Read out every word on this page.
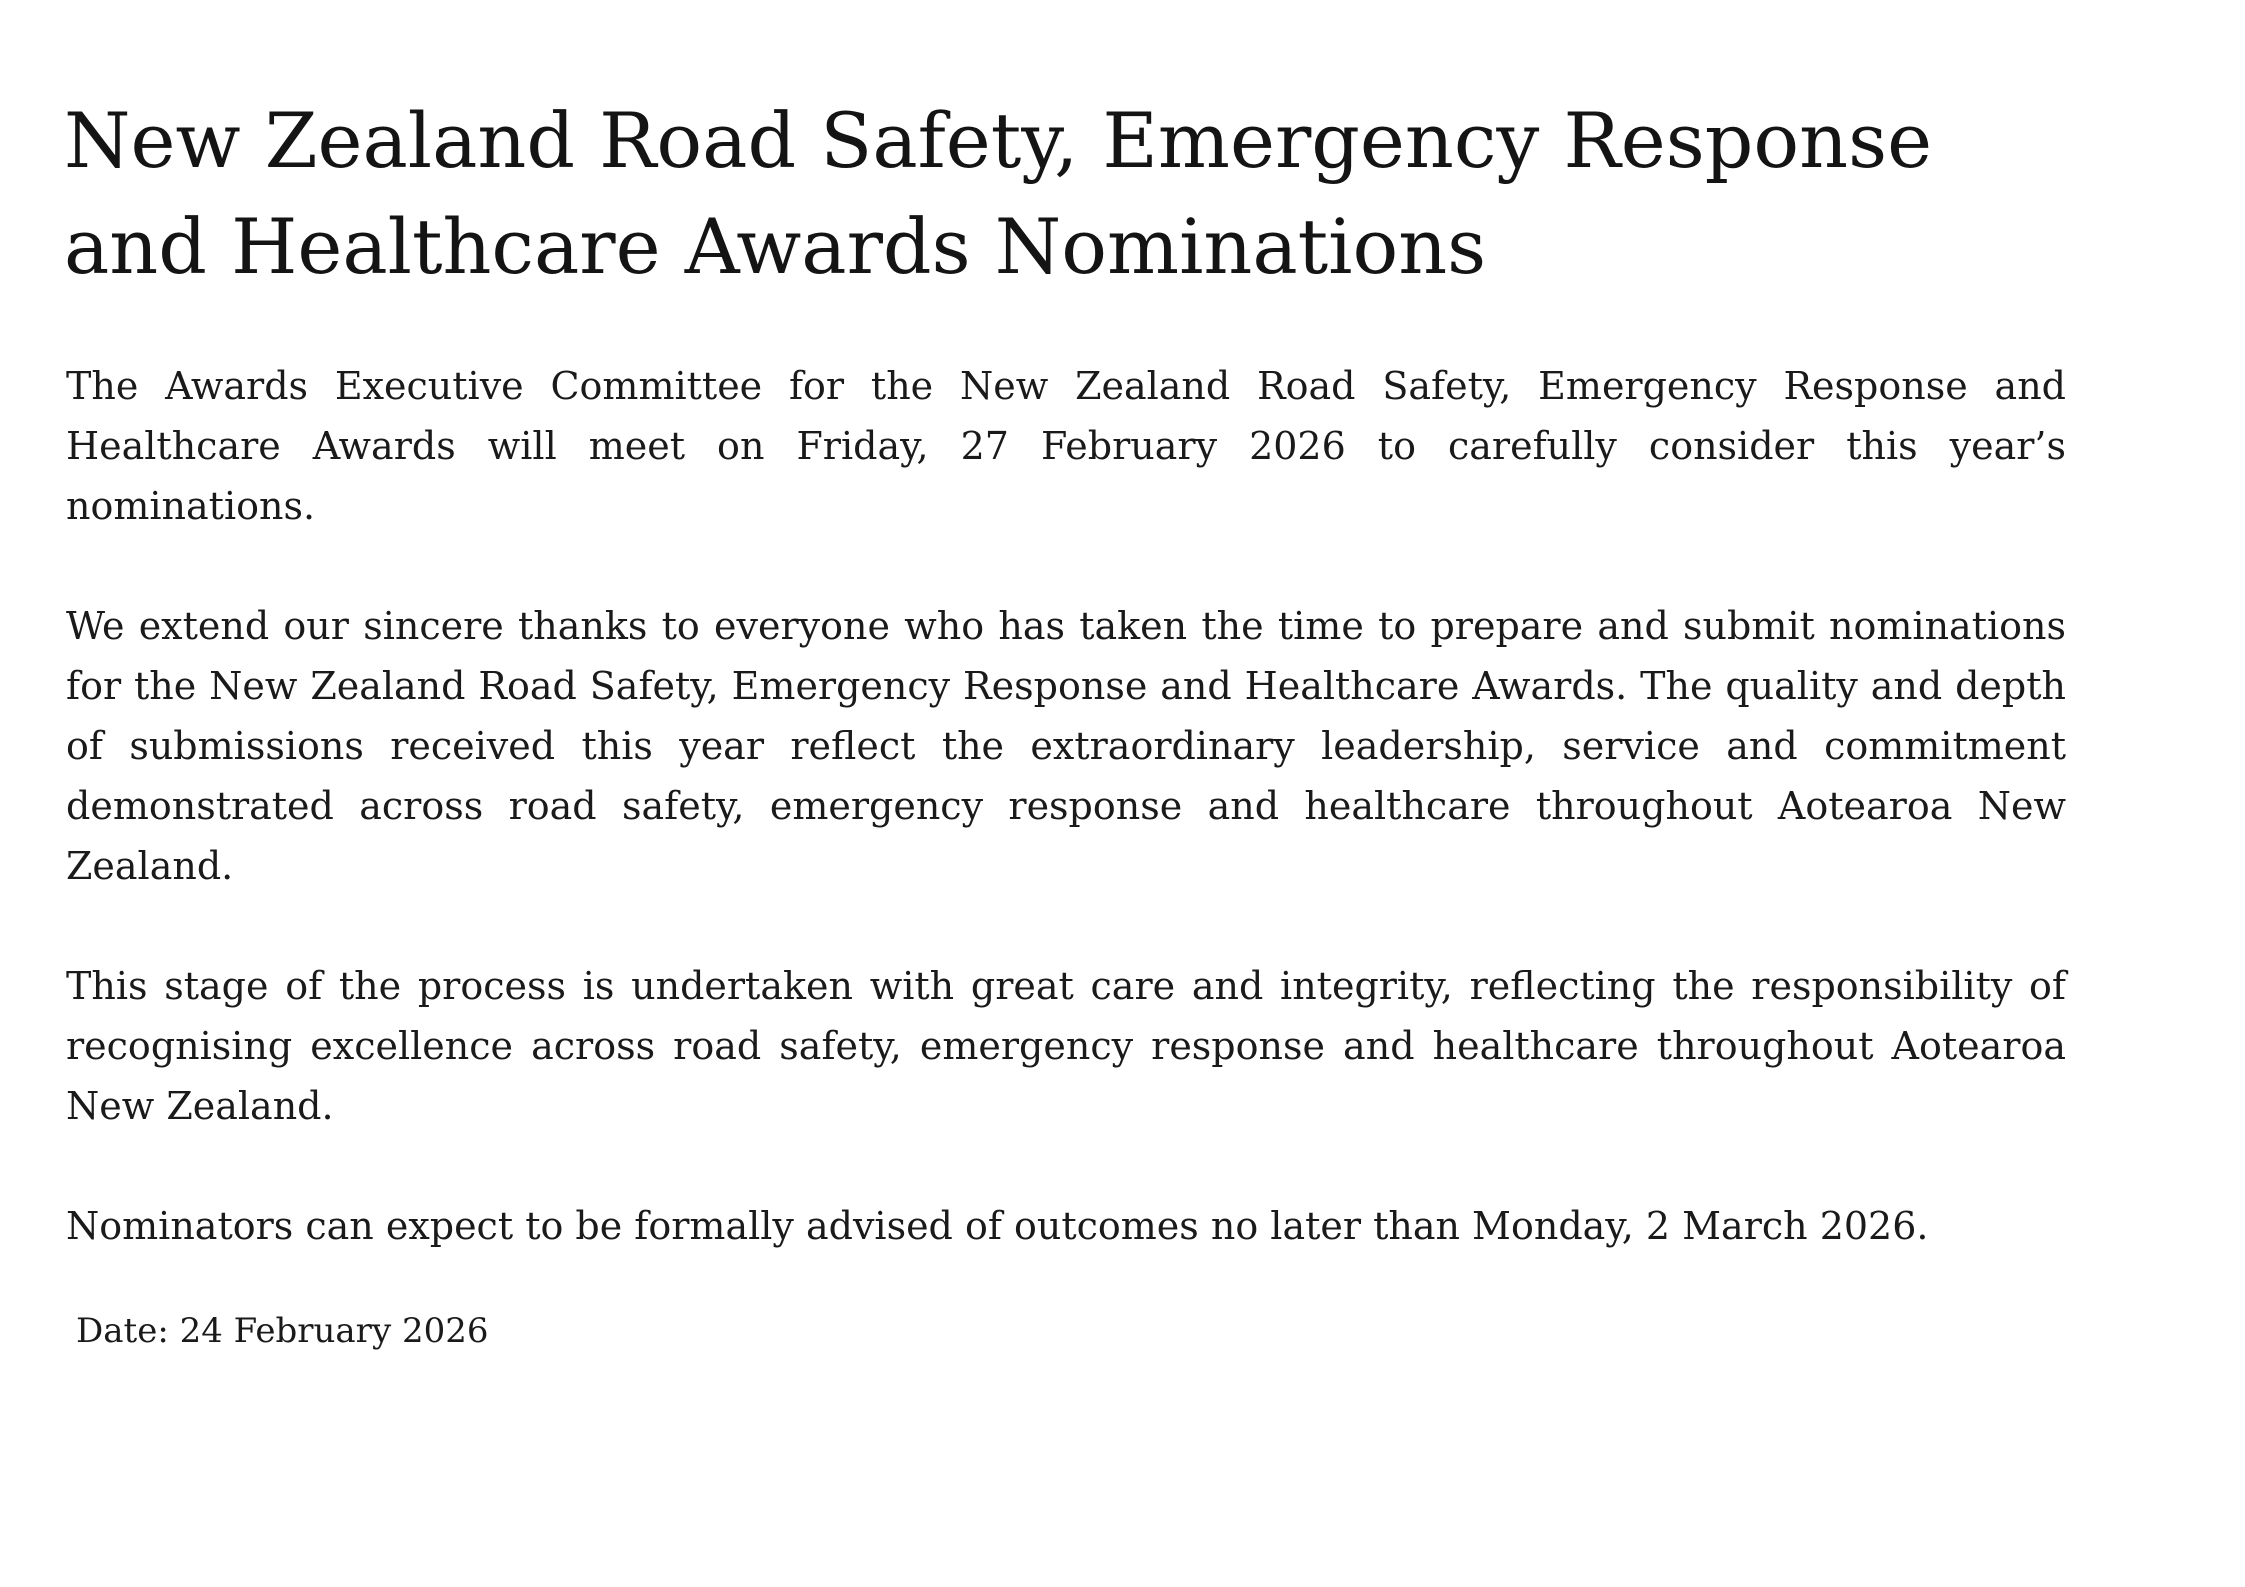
New Zealand Road Safety, Emergency Response and Healthcare Awards Nominations

The Awards Executive Committee for the New Zealand Road Safety, Emergency Response and Healthcare Awards will meet on Friday, 27 February 2026 to carefully consider this year’s nominations.

We extend our sincere thanks to everyone who has taken the time to prepare and submit nominations for the New Zealand Road Safety, Emergency Response and Healthcare Awards. The quality and depth of submissions received this year reflect the extraordinary leadership, service and commitment demonstrated across road safety, emergency response and healthcare throughout Aotearoa New Zealand.

This stage of the process is undertaken with great care and integrity, reflecting the responsibility of recognising excellence across road safety, emergency response and healthcare throughout Aotearoa New Zealand.

Nominators can expect to be formally advised of outcomes no later than Monday, 2 March 2026.

Date: 24 February 2026
